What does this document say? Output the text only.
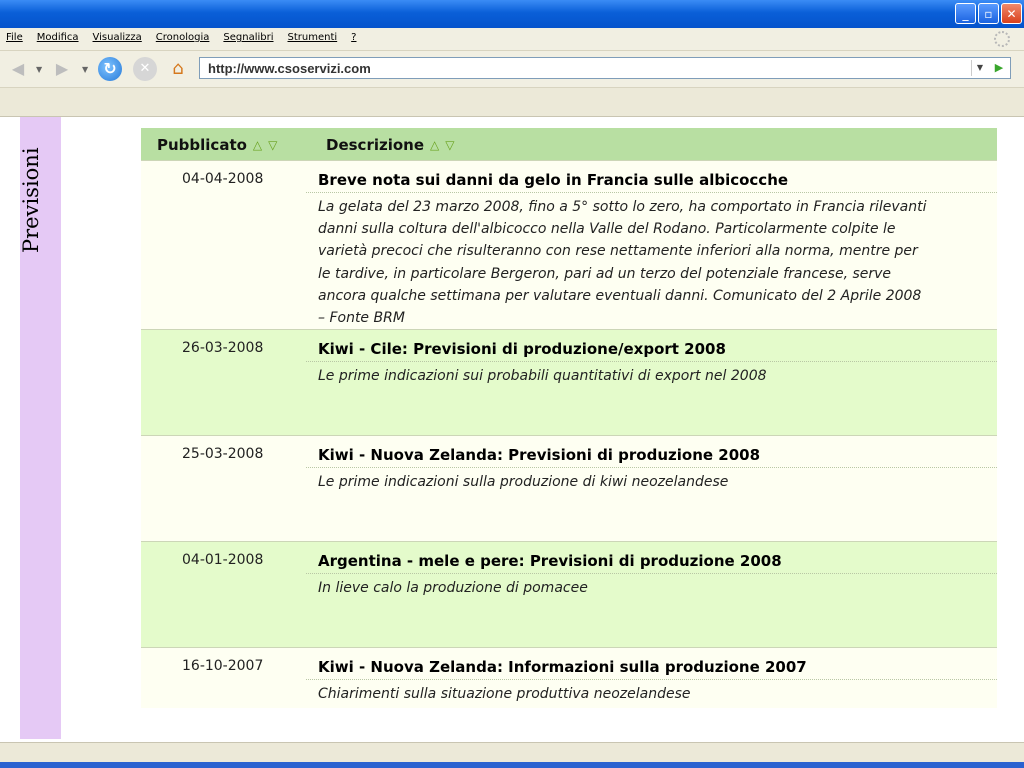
_	▫	✕
File Modifica Visualizza Cronologia Segnalibri Strumenti ?
◀	▼ ▶	▼ ↻	✕	⌂	http://www.csoservizi.com	▼	▶
Previsioni
Pubblicato △ ▽	Descrizione △ ▽
04-04-2008	Breve nota sui danni da gelo in Francia sulle albicocche
La gelata del 23 marzo 2008, fino a 5° sotto lo zero, ha comportato in Francia rilevanti danni sulla coltura dell'albicocco nella Valle del Rodano. Particolarmente colpite le varietà precoci che risulteranno con rese nettamente inferiori alla norma, mentre per le tardive, in particolare Bergeron, pari ad un terzo del potenziale francese, serve ancora qualche settimana per valutare eventuali danni. Comunicato del 2 Aprile 2008 – Fonte BRM
26-03-2008	Kiwi - Cile: Previsioni di produzione/export 2008
Le prime indicazioni sui probabili quantitativi di export nel 2008
25-03-2008	Kiwi - Nuova Zelanda: Previsioni di produzione 2008
Le prime indicazioni sulla produzione di kiwi neozelandese
04-01-2008	Argentina - mele e pere: Previsioni di produzione 2008
In lieve calo la produzione di pomacee
16-10-2007	Kiwi - Nuova Zelanda: Informazioni sulla produzione 2007
Chiarimenti sulla situazione produttiva neozelandese
